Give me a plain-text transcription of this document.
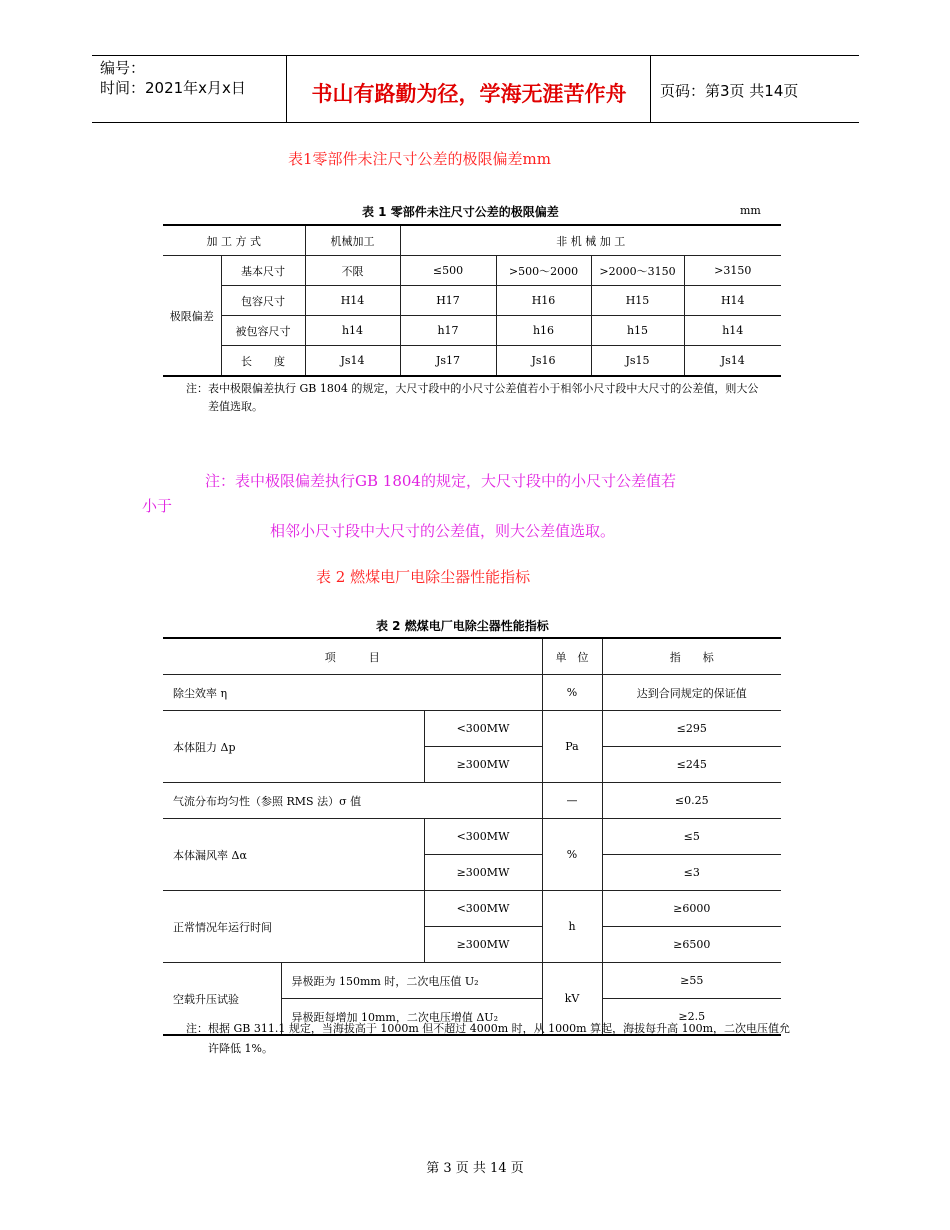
编号：
时间：2021年x月x日	书山有路勤为径，学海无涯苦作舟	页码：第3页 共14页
表1零部件未注尺寸公差的极限偏差mm
表 1 零部件未注尺寸公差的极限偏差	mm
加 工 方 式		机械加工	非 机 械 加 工			
极限偏差	基本尺寸	不限	≤500	>500～2000	>2000～3150	>3150
	包容尺寸	H14	H17	H16	H15	H14
	被包容尺寸	h14	h17	h16	h15	h14
	长　　度	Js14	Js17	Js16	Js15	Js14
注：表中极限偏差执行 GB 1804 的规定，大尺寸段中的小尺寸公差值若小于相邻小尺寸段中大尺寸的公差值，则大公
差值选取。
注：表中极限偏差执行GB 1804的规定，大尺寸段中的小尺寸公差值若
小于
相邻小尺寸段中大尺寸的公差值，则大公差值选取。
表 2 燃煤电厂电除尘器性能指标
表 2 燃煤电厂电除尘器性能指标
项　　　目			单　位	指　　标
除尘效率 η			%	达到合同规定的保证值
本体阻力 Δp		<300MW	Pa	≤295
		≥300MW		≤245
气流分布均匀性（参照 RMS 法）σ 值			—	≤0.25
本体漏风率 Δα		<300MW	%	≤5
		≥300MW		≤3
正常情况年运行时间		<300MW	h	≥6000
		≥300MW		≥6500
空载升压试验	异极距为 150mm 时，二次电压值 U₂		kV	≥55
	异极距每增加 10mm，二次电压增值 ΔU₂			≥2.5
注：根据 GB 311.1 规定，当海拔高于 1000m 但不超过 4000m 时，从 1000m 算起，海拔每升高 100m，二次电压值允
许降低 1%。
第 3 页 共 14 页
